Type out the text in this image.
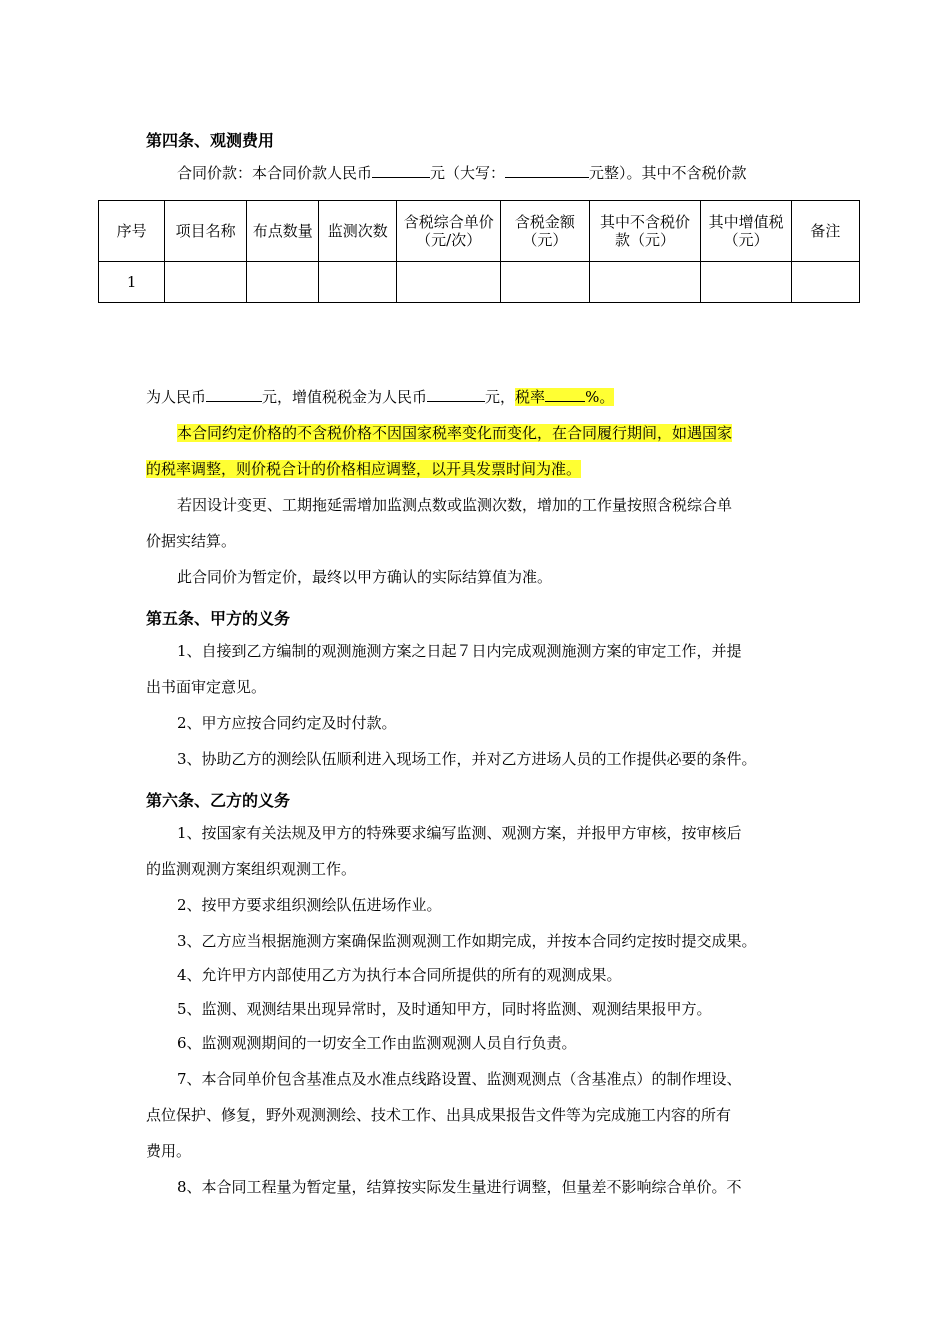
第四条、观测费用
合同价款：本合同价款人民币	元（大写：	元整）。其中不含税价款
序号	项目名称	布点数量	监测次数	含税综合单价（元/次）	含税金额（元）	其中不含税价款（元）	其中增值税（元）	备注
1								
为人民币	元，增值税税金为人民币	元，税率	%。
本合同约定价格的不含税价格不因国家税率变化而变化，在合同履行期间，如遇国家
的税率调整，则价税合计的价格相应调整，以开具发票时间为准。
若因设计变更、工期拖延需增加监测点数或监测次数，增加的工作量按照含税综合单
价据实结算。
此合同价为暂定价，最终以甲方确认的实际结算值为准。
第五条、甲方的义务
1、自接到乙方编制的观测施测方案之日起７日内完成观测施测方案的审定工作，并提
出书面审定意见。
2、甲方应按合同约定及时付款。
3、协助乙方的测绘队伍顺利进入现场工作，并对乙方进场人员的工作提供必要的条件。
第六条、乙方的义务
1、按国家有关法规及甲方的特殊要求编写监测、观测方案，并报甲方审核，按审核后
的监测观测方案组织观测工作。
2、按甲方要求组织测绘队伍进场作业。
3、乙方应当根据施测方案确保监测观测工作如期完成，并按本合同约定按时提交成果。
4、允许甲方内部使用乙方为执行本合同所提供的所有的观测成果。
5、监测、观测结果出现异常时，及时通知甲方，同时将监测、观测结果报甲方。
6、监测观测期间的一切安全工作由监测观测人员自行负责。
7、本合同单价包含基准点及水准点线路设置、监测观测点（含基准点）的制作埋设、
点位保护、修复，野外观测测绘、技术工作、出具成果报告文件等为完成施工内容的所有
费用。
8、本合同工程量为暂定量，结算按实际发生量进行调整，但量差不影响综合单价。不
